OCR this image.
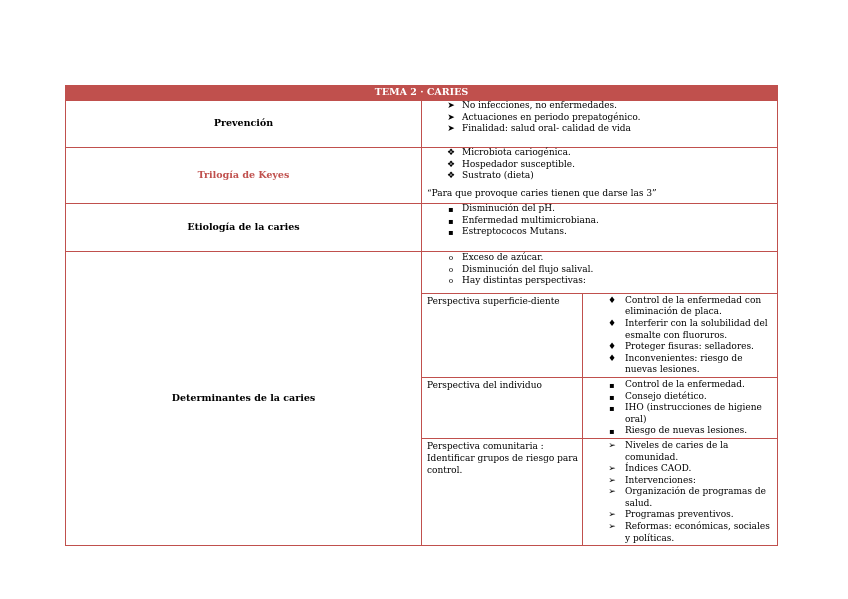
TEMA 2 · CARIES
Prevención	
➤ No infecciones, no enfermedades.
➤ Actuaciones en periodo prepatogénico.
➤ Finalidad: salud oral- calidad de vida

Trilogía de Keyes	
❖ Microbiota cariogénica.
❖ Hospedador susceptible.
❖ Sustrato (dieta)
“Para que provoque caries tienen que darse las 3”

Etiología de la caries	
▪ Disminución del pH.
▪ Enfermedad multimicrobiana.
▪ Estreptococos Mutans.

Determinantes de la caries	
o Exceso de azúcar.
o Disminución del flujo salival.
o Hay distintas perspectivas:
Perspectiva superficie-diente	♦ Control de la enfermedad con eliminación de placa.
♦ Interferir con la solubilidad del esmalte con fluoruros.
♦ Proteger fisuras: selladores.
♦ Inconvenientes: riesgo de nuevas lesiones.

Perspectiva del individuo	▪	Control de la enfermedad.
▪	Consejo dietético.
▪	IHO (instrucciones de higiene oral)
▪	Riesgo de nuevas lesiones.

Perspectiva comunitaria : Identificar grupos de riesgo para control.	
➢	Niveles de caries de la comunidad.
➢	Índices CAOD.
➢	Intervenciones:
➢	Organización de programas de salud.
➢	Programas preventivos.
➢	Reformas: económicas, sociales y políticas.
